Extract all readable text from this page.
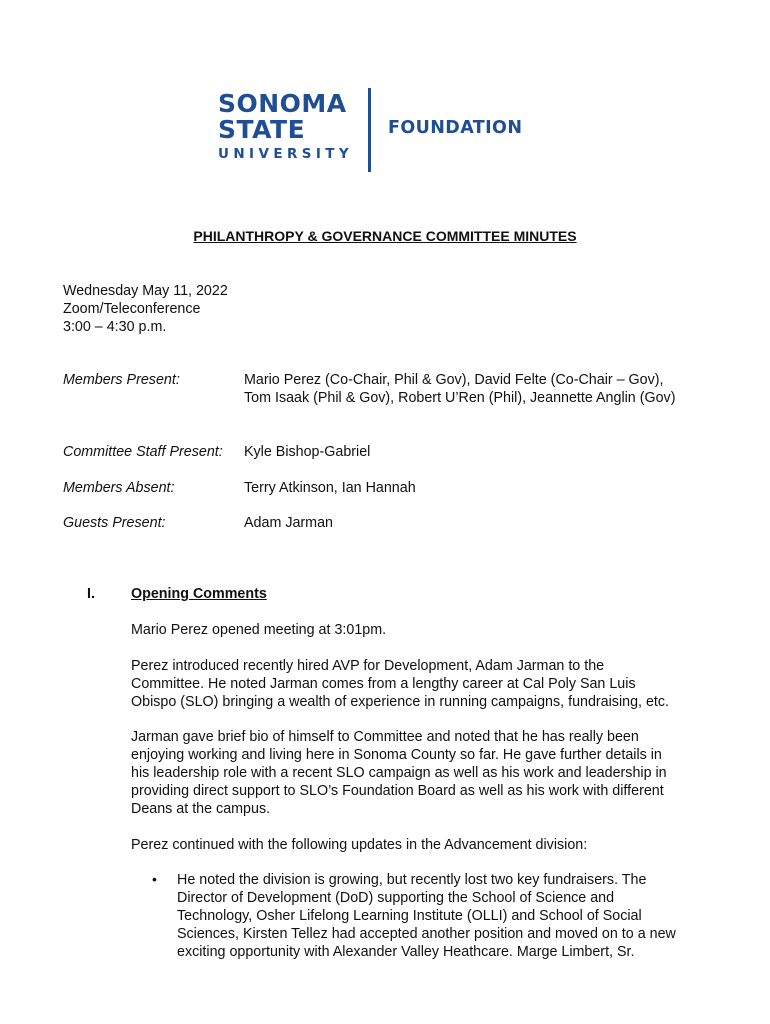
SONOMA
STATE
UNIVERSITY
FOUNDATION
PHILANTHROPY & GOVERNANCE COMMITTEE MINUTES
Wednesday May 11, 2022
Zoom/Teleconference
3:00 – 4:30 p.m.
Members Present:	Mario Perez (Co-Chair, Phil & Gov), David Felte (Co-Chair – Gov),
Tom Isaak (Phil & Gov), Robert U’Ren (Phil), Jeannette Anglin (Gov)
Committee Staff Present: Kyle Bishop-Gabriel
Members Absent:	Terry Atkinson, Ian Hannah
Guests Present:	Adam Jarman
I.	Opening Comments
Mario Perez opened meeting at 3:01pm.
Perez introduced recently hired AVP for Development, Adam Jarman to the
Committee. He noted Jarman comes from a lengthy career at Cal Poly San Luis
Obispo (SLO) bringing a wealth of experience in running campaigns, fundraising, etc.
Jarman gave brief bio of himself to Committee and noted that he has really been
enjoying working and living here in Sonoma County so far. He gave further details in
his leadership role with a recent SLO campaign as well as his work and leadership in
providing direct support to SLO’s Foundation Board as well as his work with different
Deans at the campus.
Perez continued with the following updates in the Advancement division:
• He noted the division is growing, but recently lost two key fundraisers. The
Director of Development (DoD) supporting the School of Science and
Technology, Osher Lifelong Learning Institute (OLLI) and School of Social
Sciences, Kirsten Tellez had accepted another position and moved on to a new
exciting opportunity with Alexander Valley Heathcare. Marge Limbert, Sr.
